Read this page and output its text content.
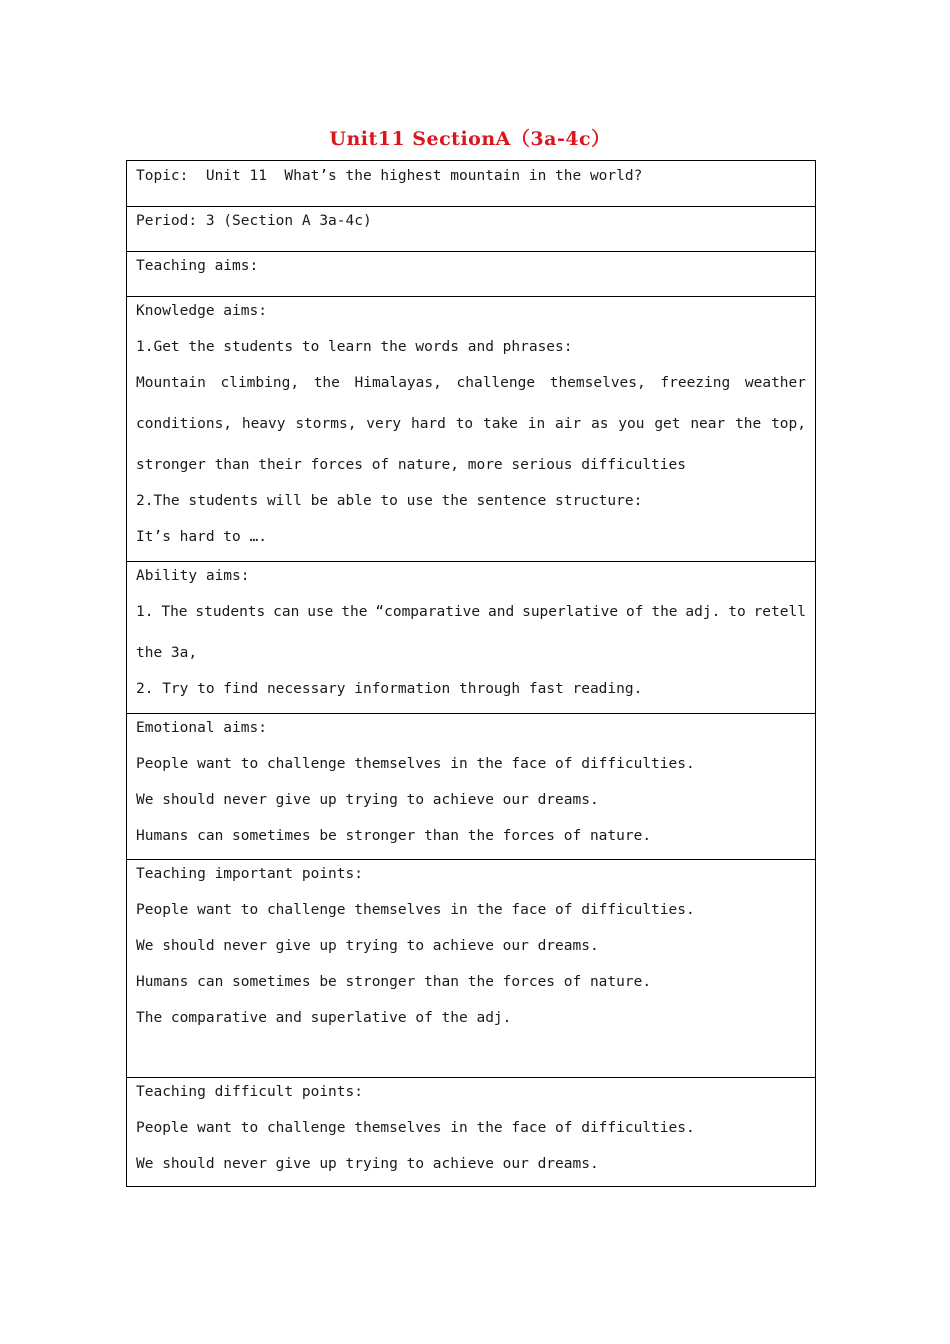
Unit11 SectionA（3a-4c）

Topic:  Unit 11  What’s the highest mountain in the world?

Period: 3 (Section A 3a-4c)

Teaching aims:

Knowledge aims:

1.Get the students to learn the words and phrases:

Mountain climbing, the Himalayas, challenge themselves, freezing weather

conditions, heavy storms, very hard to take in air as you get near the top,

stronger than their forces of nature, more serious difficulties

2.The students will be able to use the sentence structure:

It’s hard to ….

Ability aims:

1. The students can use the “comparative and superlative of the adj. to retell

the 3a,

2. Try to find necessary information through fast reading.

Emotional aims:

People want to challenge themselves in the face of difficulties.

We should never give up trying to achieve our dreams.

Humans can sometimes be stronger than the forces of nature.

Teaching important points:

People want to challenge themselves in the face of difficulties.

We should never give up trying to achieve our dreams.

Humans can sometimes be stronger than the forces of nature.

The comparative and superlative of the adj.

Teaching difficult points:

People want to challenge themselves in the face of difficulties.

We should never give up trying to achieve our dreams.
